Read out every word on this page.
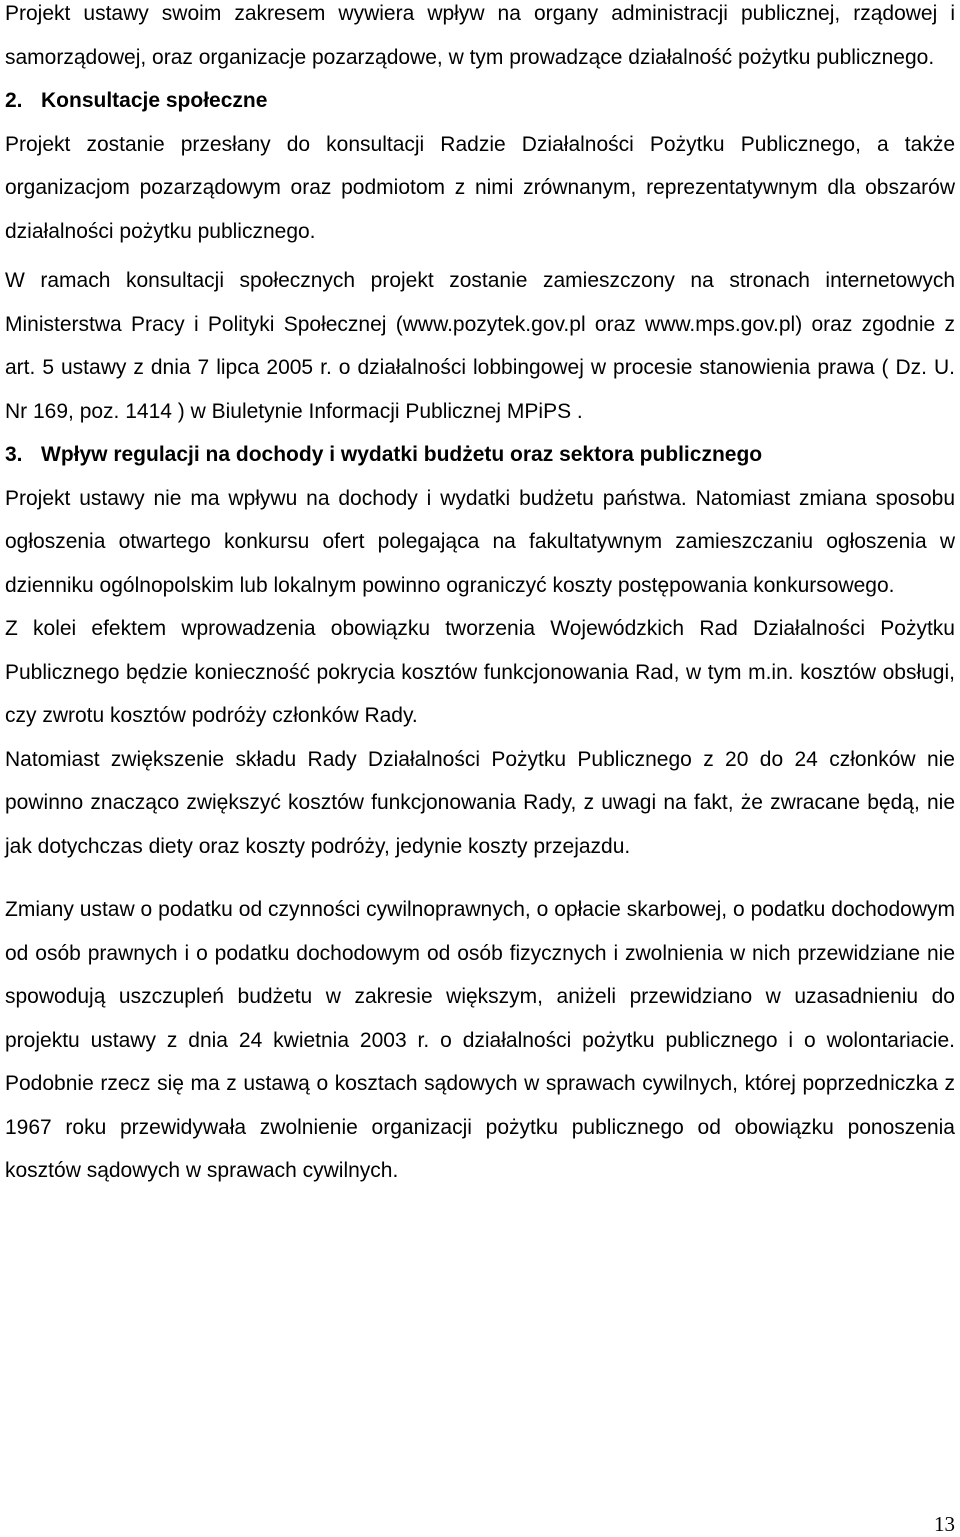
Projekt ustawy swoim zakresem wywiera wpływ na organy administracji publicznej, rządowej i samorządowej, oraz organizacje pozarządowe, w tym prowadzące działalność pożytku publicznego.

2. Konsultacje społeczne

Projekt zostanie przesłany do konsultacji Radzie Działalności Pożytku Publicznego, a także organizacjom pozarządowym oraz podmiotom z nimi zrównanym, reprezentatywnym dla obszarów działalności pożytku publicznego.

W ramach konsultacji społecznych projekt zostanie zamieszczony na stronach internetowych Ministerstwa Pracy i Polityki Społecznej (www.pozytek.gov.pl oraz www.mps.gov.pl) oraz zgodnie z art. 5 ustawy z dnia 7 lipca 2005 r. o działalności lobbingowej w procesie stanowienia prawa ( Dz. U. Nr 169, poz. 1414 ) w Biuletynie Informacji Publicznej MPiPS .

3. Wpływ regulacji na dochody i wydatki budżetu oraz sektora publicznego

Projekt ustawy nie ma wpływu na dochody i wydatki budżetu państwa. Natomiast zmiana sposobu ogłoszenia otwartego konkursu ofert polegająca na fakultatywnym zamieszczaniu ogłoszenia w dzienniku ogólnopolskim lub lokalnym powinno ograniczyć koszty postępowania konkursowego.

Z kolei efektem wprowadzenia obowiązku tworzenia Wojewódzkich Rad Działalności Pożytku Publicznego będzie konieczność pokrycia kosztów funkcjonowania Rad, w tym m.in. kosztów obsługi, czy zwrotu kosztów podróży członków Rady.

Natomiast zwiększenie składu Rady Działalności Pożytku Publicznego z 20 do 24 członków nie powinno znacząco zwiększyć kosztów funkcjonowania Rady, z uwagi na fakt, że zwracane będą, nie jak dotychczas diety oraz koszty podróży, jedynie koszty przejazdu.

Zmiany ustaw o podatku od czynności cywilnoprawnych, o opłacie skarbowej, o podatku dochodowym od osób prawnych i o podatku dochodowym od osób fizycznych i zwolnienia w nich przewidziane nie spowodują uszczupleń budżetu w zakresie większym, aniżeli przewidziano w uzasadnieniu do projektu ustawy z dnia 24 kwietnia 2003 r. o działalności pożytku publicznego i o wolontariacie. Podobnie rzecz się ma z ustawą o kosztach sądowych w sprawach cywilnych, której poprzedniczka z 1967 roku przewidywała zwolnienie organizacji pożytku publicznego od obowiązku ponoszenia kosztów sądowych w sprawach cywilnych.

13
